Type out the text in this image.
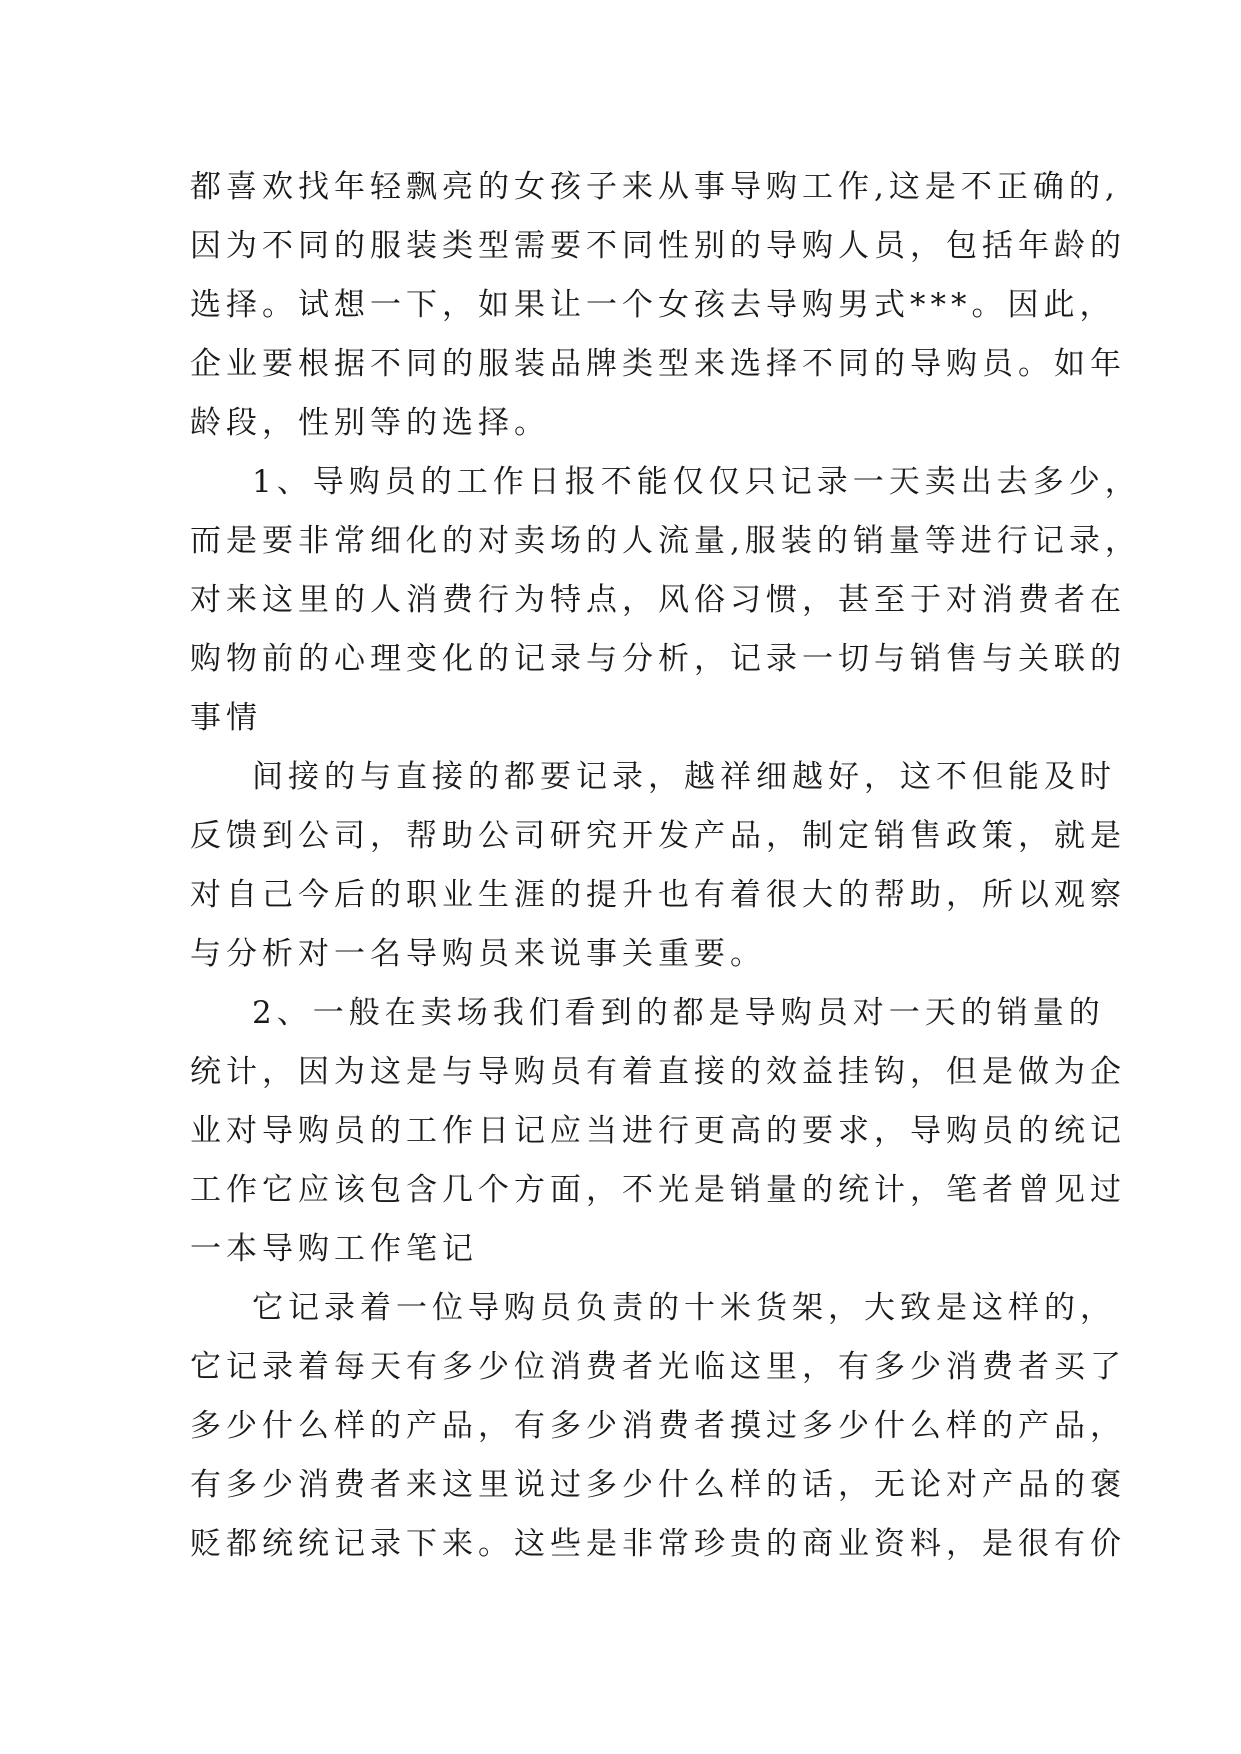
都喜欢找年轻飘亮的女孩子来从事导购工作,这是不正确的,
因为不同的服装类型需要不同性别的导购人员，包括年龄的
选择。试想一下，如果让一个女孩去导购男式***。因此，
企业要根据不同的服装品牌类型来选择不同的导购员。如年
龄段，性别等的选择。
1、导购员的工作日报不能仅仅只记录一天卖出去多少，
而是要非常细化的对卖场的人流量,服装的销量等进行记录，
对来这里的人消费行为特点，风俗习惯，甚至于对消费者在
购物前的心理变化的记录与分析，记录一切与销售与关联的
事情
间接的与直接的都要记录，越祥细越好，这不但能及时
反馈到公司，帮助公司研究开发产品，制定销售政策，就是
对自己今后的职业生涯的提升也有着很大的帮助，所以观察
与分析对一名导购员来说事关重要。
2、一般在卖场我们看到的都是导购员对一天的销量的
统计，因为这是与导购员有着直接的效益挂钩，但是做为企
业对导购员的工作日记应当进行更高的要求，导购员的统记
工作它应该包含几个方面，不光是销量的统计，笔者曾见过
一本导购工作笔记
它记录着一位导购员负责的十米货架，大致是这样的，
它记录着每天有多少位消费者光临这里，有多少消费者买了
多少什么样的产品，有多少消费者摸过多少什么样的产品，
有多少消费者来这里说过多少什么样的话，无论对产品的褒
贬都统统记录下来。这些是非常珍贵的商业资料，是很有价
